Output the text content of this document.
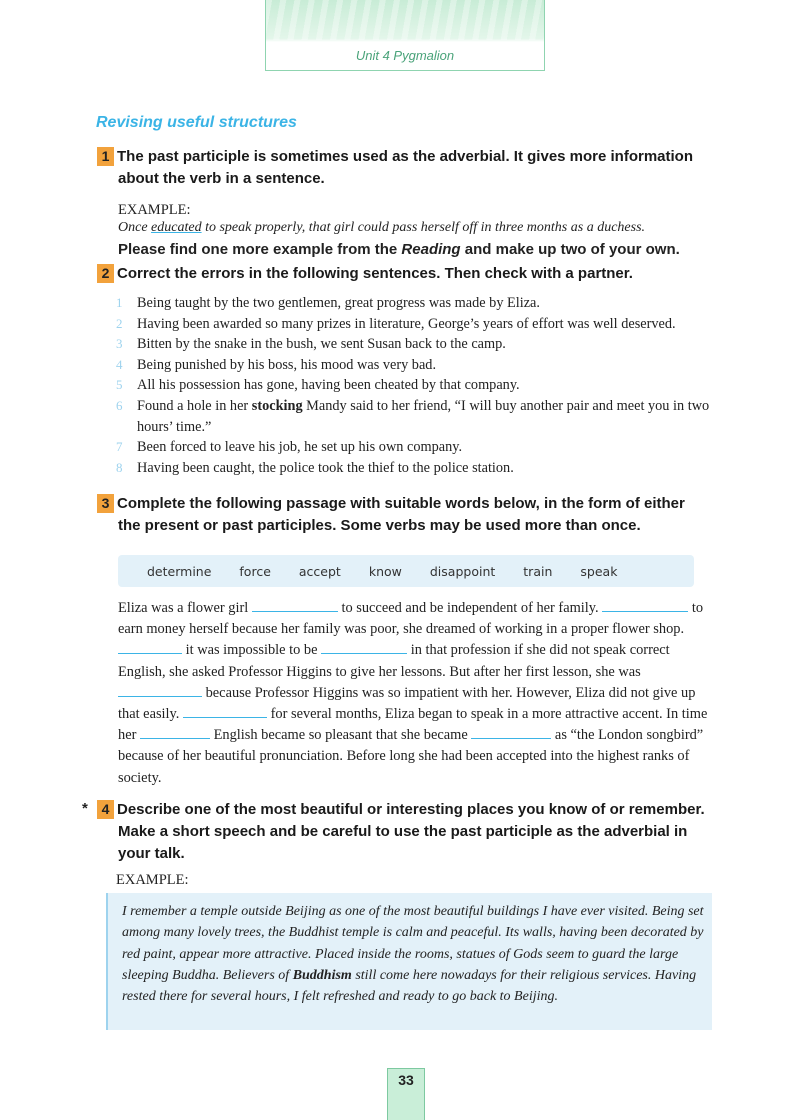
Unit 4 Pygmalion
Revising useful structures
1 The past participle is sometimes used as the adverbial. It gives more information
about the verb in a sentence.
EXAMPLE:
Once educated to speak properly, that girl could pass herself off in three months as a duchess.
Please find one more example from the Reading and make up two of your own.
2 Correct the errors in the following sentences. Then check with a partner.
1 Being taught by the two gentlemen, great progress was made by Eliza.
2 Having been awarded so many prizes in literature, George’s years of effort was well deserved.
3 Bitten by the snake in the bush, we sent Susan back to the camp.
4 Being punished by his boss, his mood was very bad.
5 All his possession has gone, having been cheated by that company.
6 Found a hole in her stocking Mandy said to her friend, “I will buy another pair and meet you in two hours’ time.”
7 Been forced to leave his job, he set up his own company.
8 Having been caught, the police took the thief to the police station.
3 Complete the following passage with suitable words below, in the form of either
the present or past participles. Some verbs may be used more than once.
determine force accept know disappoint train speak
Eliza was a flower girl	to succeed and be independent of her family.	to earn money herself because her family was poor, she dreamed of working in a proper flower shop.  it was impossible to be	in that profession if she did not speak correct English, she asked Professor Higgins to give her lessons. But after her first lesson, she was  because Professor Higgins was so impatient with her. However, Eliza did not give up that easily.	for several months, Eliza began to speak in a more attractive accent. In time her	English became so pleasant that she became	as “the London songbird” because of her beautiful pronunciation. Before long she had been accepted into the highest ranks of society.
* 4 Describe one of the most beautiful or interesting places you know of or remember.
Make a short speech and be careful to use the past participle as the adverbial in
your talk.
EXAMPLE:

I remember a temple outside Beijing as one of the most beautiful buildings I have ever visited. Being set among many lovely trees, the Buddhist temple is calm and peaceful. Its walls, having been decorated by red paint, appear more attractive. Placed inside the rooms, statues of Gods seem to guard the large sleeping Buddha. Believers of Buddhism still come here nowadays for their religious services. Having rested there for several hours, I felt refreshed and ready to go back to Beijing.

33
